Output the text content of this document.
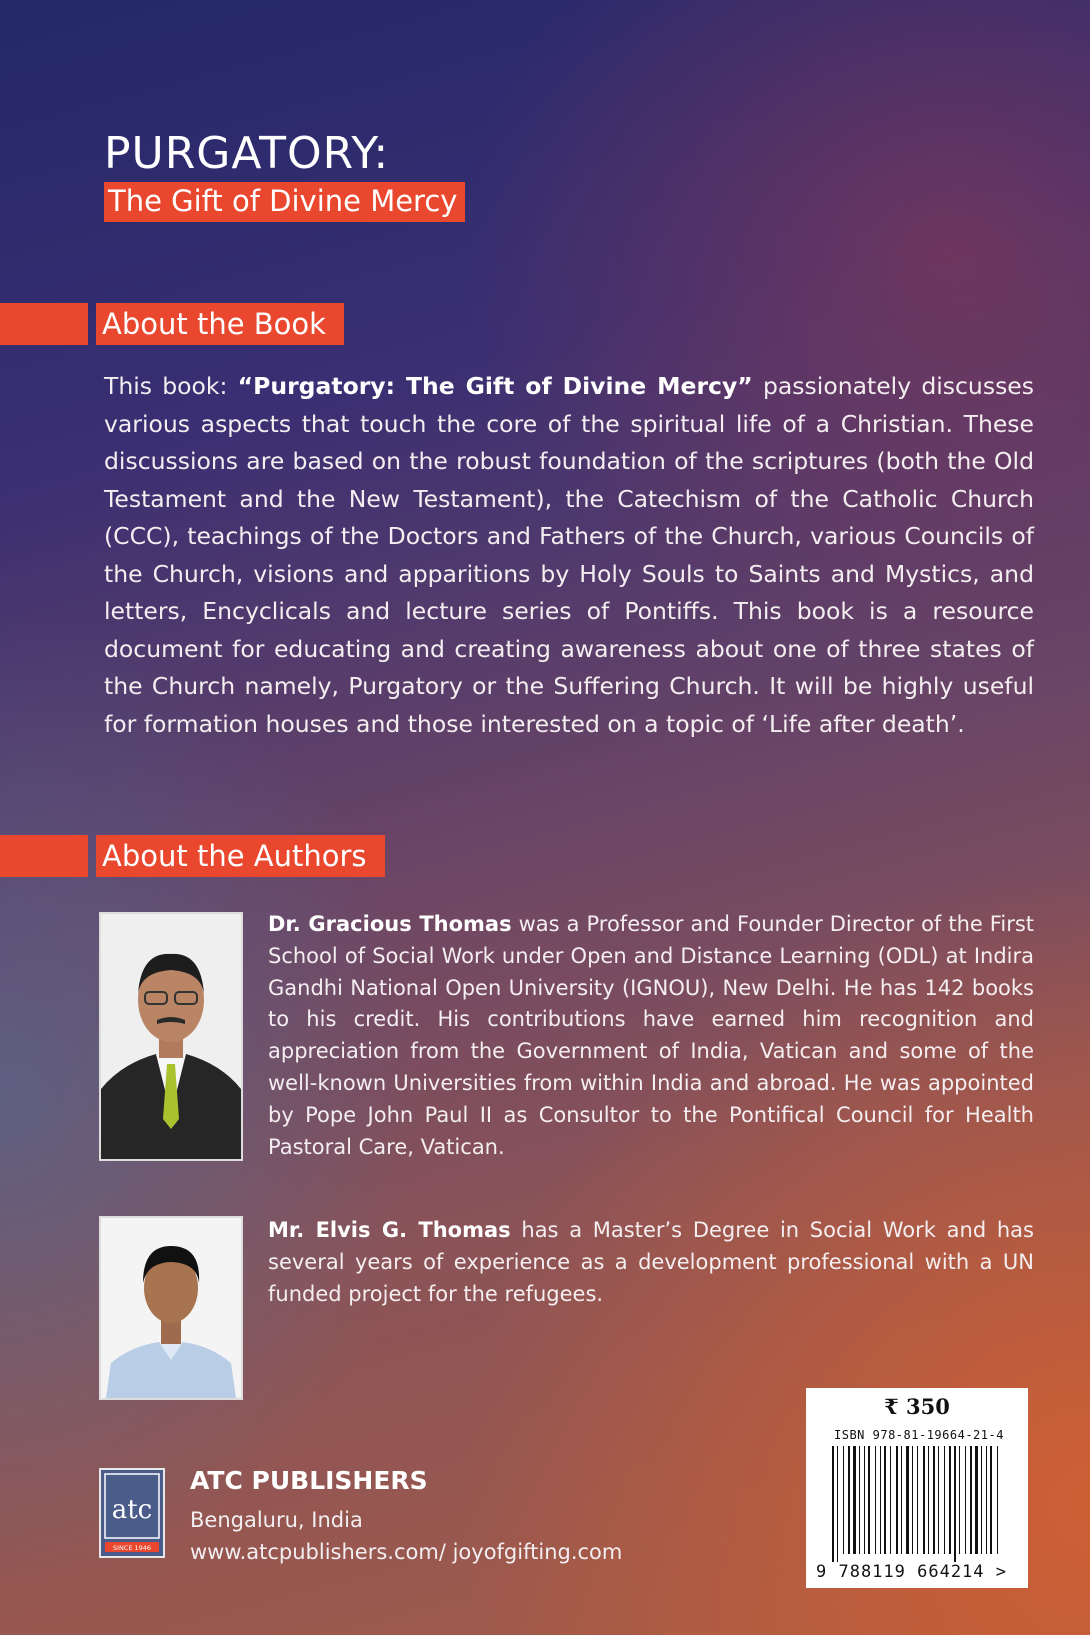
PURGATORY:
The Gift of Divine Mercy
About the Book

This book: “Purgatory: The Gift of Divine Mercy” passionately discusses various aspects that touch the core of the spiritual life of a Christian. These discussions are based on the robust foundation of the scriptures (both the Old Testament and the New Testament), the Catechism of the Catholic Church (CCC), teachings of the Doctors and Fathers of the Church, various Councils of the Church, visions and apparitions by Holy Souls to Saints and Mystics, and letters, Encyclicals and lecture series of Pontiffs. This book is a resource document for educating and creating awareness about one of three states of the Church namely, Purgatory or the Suffering Church. It will be highly useful for formation houses and those interested on a topic of ‘Life after death’.

About the Authors

Dr. Gracious Thomas was a Professor and Founder Director of the First School of Social Work under Open and Distance Learning (ODL) at Indira Gandhi National Open University (IGNOU), New Delhi. He has 142 books to his credit. His contributions have earned him recognition and appreciation from the Government of India, Vatican and some of the well-known Universities from within India and abroad. He was appointed by Pope John Paul II as Consultor to the Pontifical Council for Health Pastoral Care, Vatican.

Mr. Elvis G. Thomas has a Master’s Degree in Social Work and has several years of experience as a development professional with a UN funded project for the refugees.

atc
SINCE 1946
ATC PUBLISHERS
Bengaluru, India
www.atcpublishers.com/ joyofgifting.com
₹ 350
ISBN 978-81-19664-21-4
9 788119 664214 >
